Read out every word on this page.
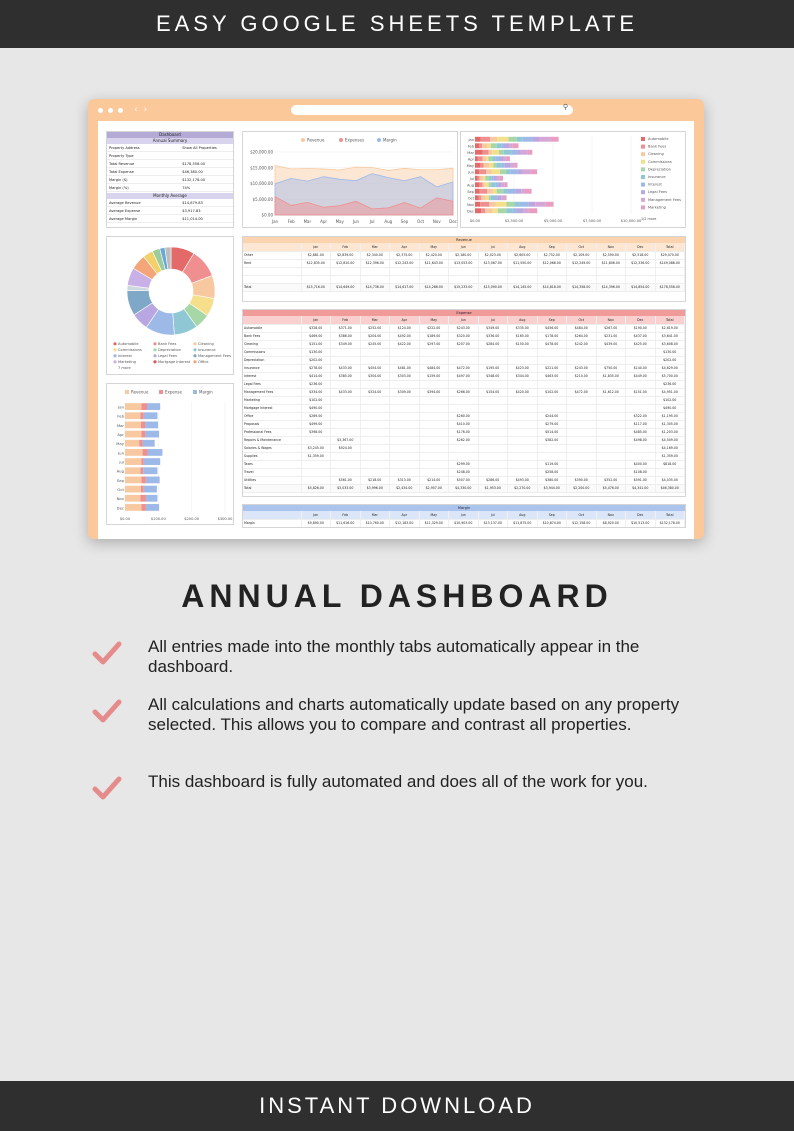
EASY GOOGLE SHEETS TEMPLATE
‹ ›	⚲
Dashboard
Annual Summary
Property Address	Show All Properties
Property Type
Total Revenue	$178,558.00
Total Expense	$46,380.00
Margin ($)	$132,178.00
Margin (%)	74%
Monthly Average
Average Revenue	$14,879.83
Average Expense	$3,917.83
Average Margin	$11,014.00
Revenue	Expenses	Margin
$20,000.00
$15,000.00
$10,000.00
$5,000.00
$0.00
Jan Feb Mar Apr May Jun	Jul Aug Sep Oct Nov Dec	$0.00	$2,500.00	$5,000.00	$7,500.00	$10,000.00
Jan
Feb
Mar
Apr
May
Jun
Jul
Aug
Sep
Oct
Nov
Dec
Automobile
Bank Fees
Cleaning
Commissions
Depreciation
Insurance
Interest
Legal Fees
Management Fees
Marketing
1/2 more
Automobile	Bank Fees	Cleaning
Commissions	Depreciation	Insurance
Interest	Legal Fees	Management Fees
Marketing	Mortgage Interest Office
7 more
Revenue	Expense	Margin
$0.00	$100.00	$200.00	$300.00
Jan
Feb
Mar
Apr
May
Jun
Jul
Aug
Sep
Oct
Nov
Dec
Revenue
	Jan	Feb	Mar	Apr	May	Jun	Jul	Aug	Sep	Oct	Nov	Dec	Total
Other	$2,881.00	$2,839.00	$2,340.00	$2,375.00	$2,420.00	$2,180.00	$2,023.00	$2,605.00	$2,752.00	$2,109.00	$2,590.00	$2,518.00	$29,470.00
Rent	$12,835.00	$12,810.00	$12,396.00	$12,243.00	$11,643.00	$13,053.00	$13,067.00	$11,550.00	$12,066.00	$12,249.00	$11,806.00	$12,336.00	$149,088.00

Total	$15,716.00	$14,649.00	$14,736.00	$14,617.00	$14,286.00	$15,233.00	$15,090.00	$14,145.00	$14,818.00	$14,358.00	$14,396.00	$14,854.00	$178,558.00
Expense
	Jan	Feb	Mar	Apr	May	Jun	Jul	Aug	Sep	Oct	Nov	Dec	Total
Automobile	$328.00	$371.00	$252.00	$124.00	$222.00	$243.00	$349.00	$335.00	$456.00	$484.00	$267.00	$190.00	$2,619.00
Bank Fees	$469.00	$386.00	$204.00	$492.00	$189.00	$320.00	$336.00	$165.00	$178.00	$264.00	$231.00	$437.00	$3,641.00
Cleaning	$151.00	$349.00	$245.00	$422.00	$297.00	$207.00	$284.00	$150.00	$478.00	$242.00	$439.00	$425.00	$3,608.00
Commissions	$130.00												$130.00
Depreciation	$202.00												$202.00
Insurance	$278.00	$433.00	$454.00	$481.00	$484.00	$472.00	$195.00	$423.00	$221.00	$243.00	$750.00	$140.00	$4,629.00
Interest	$414.00	$385.00	$304.00	$303.00	$159.00	$497.00	$348.00	$344.00	$463.00	$210.00	$1,835.00	$449.00	$5,700.00
Legal Fees	$236.00												$236.00
Management Fees	$334.00	$433.00	$324.00	$309.00	$394.00	$266.00	$154.00	$420.00	$102.00	$472.00	$1,612.00	$151.00	$4,951.00
Marketing	$102.00												$102.00
Mortgage Interest	$490.00												$490.00
Office	$269.00					$260.00			$244.00			$322.00	$1,195.00
Proposals	$499.00					$410.00			$279.00			$117.00	$1,305.00
Professional Fees	$398.00					$176.00			$514.00			$485.00	$1,203.00
Repairs & Maintenance		$3,367.00				$262.00			$382.00			$498.00	$4,509.00
Salaries & Wages	$3,245.00	$924.00											$4,169.00
Supplies	$1,359.00												$1,359.00
Taxes						$299.00			$119.00			$400.00	$818.00
Travel						$248.00			$258.00			$108.00	
Utilities		$561.00	$218.00	$313.00	$214.00	$507.00	$286.00	$493.00	$380.00	$390.00	$352.00	$591.00	$4,035.00
Total	$5,826.00	$3,033.00	$3,996.00	$2,434.00	$2,957.00	$4,330.00	$1,953.00	$2,270.00	$3,944.00	$2,200.00	$5,476.00	$4,341.00	$46,380.00
Margin
	Jan	Feb	Mar	Apr	May	Jun	Jul	Aug	Sep	Oct	Nov	Dec	Total
Margin	$9,890.00	$11,616.00	$10,760.00	$12,183.00	$11,329.00	$10,903.00	$13,137.00	$11,875.00	$10,874.00	$12,158.00	$8,920.00	$10,513.00	$132,178.00
ANNUAL DASHBOARD
All entries made into the monthly tabs automatically appear in the dashboard.
All calculations and charts automatically update based on any property selected. This allows you to compare and contrast all properties.
This dashboard is fully automated and does all of the work for you.
INSTANT DOWNLOAD
